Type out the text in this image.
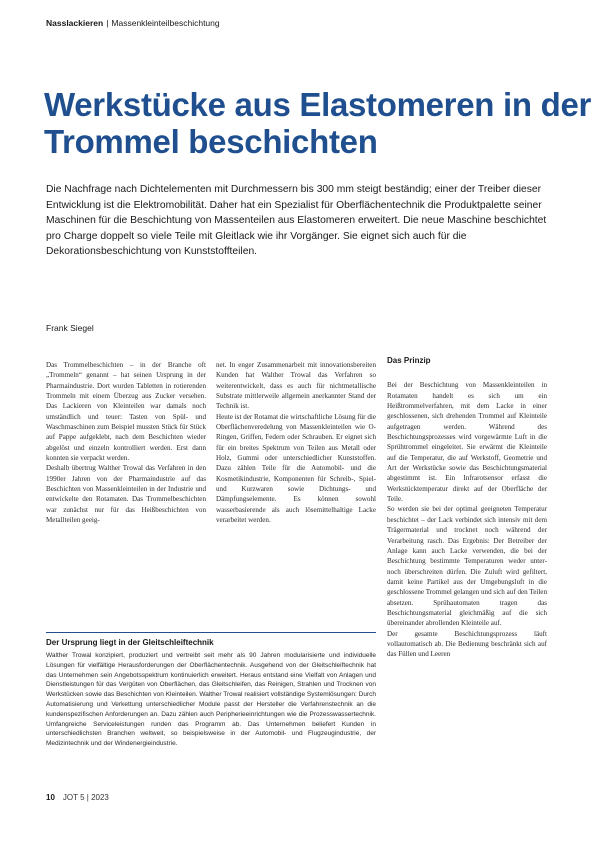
Nasslackieren | Massenkleinteilbeschichtung
Werkstücke aus Elastomeren in der Trommel beschichten

Die Nachfrage nach Dichtelementen mit Durchmessern bis 300 mm steigt beständig; einer der Treiber dieser Entwicklung ist die Elektromobilität. Daher hat ein Spezialist für Oberflächentechnik die Produktpalette seiner Maschinen für die Beschichtung von Massenteilen aus Elastomeren erweitert. Die neue Maschine beschichtet pro Charge doppelt so viele Teile mit Gleitlack wie ihr Vorgänger. Sie eignet sich auch für die Dekorationsbeschichtung von Kunststoffteilen.

Frank Siegel

Das Trommelbeschichten – in der Branche oft „Trommeln“ genannt – hat seinen Ursprung in der Pharmaindustrie. Dort wurden Tabletten in rotierenden Trommeln mit einem Überzug aus Zucker versehen. Das Lackieren von Kleinteilen war damals noch umständlich und teuer: Tasten von Spül- und Waschmaschinen zum Beispiel mussten Stück für Stück auf Pappe aufgeklebt, nach dem Beschichten wieder abgelöst und einzeln kontrolliert werden. Erst dann konnten sie verpackt werden.

Deshalb übertrug Walther Trowal das Verfahren in den 1990er Jahren von der Pharmaindustrie auf das Beschichten von Massenkleinteilen in der Industrie und entwickelte den Rotamaten. Das Trommelbeschichten war zunächst nur für das Heißbeschichten von Metallteilen geeig-

net. In enger Zusammenarbeit mit innovationsbereiten Kunden hat Walther Trowal das Verfahren so weiterentwickelt, dass es auch für nichtmetallische Substrate mittlerweile allgemein anerkannter Stand der Technik ist.

Heute ist der Rotamat die wirtschaftliche Lösung für die Oberflächenveredelung von Massenkleinteilen wie O-Ringen, Griffen, Federn oder Schrauben. Er eignet sich für ein breites Spektrum von Teilen aus Metall oder Holz, Gummi oder unterschiedlicher Kunststoffen. Dazu zählen Teile für die Automobil- und die Kosmetikindustrie, Komponenten für Schreib-, Spiel- und Kurzwaren sowie Dichtungs- und Dämpfungselemente. Es können sowohl wasserbasierende als auch lösemittelhaltige Lacke verarbeitet werden.

Das Prinzip

Bei der Beschichtung von Massenkleinteilen in Rotamaten handelt es sich um ein Heißtrommelverfahren, mit dem Lacke in einer geschlossenen, sich drehenden Trommel auf Kleinteile aufgetragen werden. Während des Beschichtungsprozesses wird vorgewärmte Luft in die Sprühtrommel eingeleitet. Sie erwärmt die Kleinteile auf die Temperatur, die auf Werkstoff, Geometrie und Art der Werkstücke sowie das Beschichtungsmaterial abgestimmt ist. Ein Infrarotsensor erfasst die Werkstücktemperatur direkt auf der Oberfläche der Teile.

So werden sie bei der optimal geeigneten Temperatur beschichtet – der Lack verbindet sich intensiv mit dem Trägermaterial und trocknet noch während der Verarbeitung rasch. Das Ergebnis: Der Betreiber der Anlage kann auch Lacke verwenden, die bei der Beschichtung bestimmte Temperaturen weder unter- noch überschreiten dürfen. Die Zuluft wird gefiltert, damit keine Partikel aus der Umgebungsluft in die geschlossene Trommel gelangen und sich auf den Teilen absetzen. Sprühautomaten tragen das Beschichtungsmaterial gleichmäßig auf die sich übereinander abrollenden Kleinteile auf.

Der gesamte Beschichtungsprozess läuft vollautomatisch ab. Die Bedienung beschränkt sich auf das Füllen und Leeren

Der Ursprung liegt in der Gleitschleiftechnik

Walther Trowal konzipiert, produziert und vertreibt seit mehr als 90 Jahren modularisierte und individuelle Lösungen für vielfältige Herausforderungen der Oberflächentechnik. Ausgehend von der Gleitschleiftechnik hat das Unternehmen sein Angebotsspektrum kontinuierlich erweitert. Heraus entstand eine Vielfalt von Anlagen und Dienstleistungen für das Vergüten von Oberflächen, das Gleitschleifen, das Reinigen, Strahlen und Trocknen von Werkstücken sowie das Beschichten von Kleinteilen. Walther Trowal realisiert vollständige Systemlösungen: Durch Automatisierung und Verkettung unterschiedlicher Module passt der Hersteller die Verfahrenstechnik an die kundenspezifischen Anforderungen an. Dazu zählen auch Peripherieeinrichtungen wie die Prozesswassertechnik. Umfangreiche Serviceleistungen runden das Programm ab. Das Unternehmen beliefert Kunden in unterschiedlichsten Branchen weltweit, so beispielsweise in der Automobil- und Flugzeugindustrie, der Medizintechnik und der Windenergieindustrie.

10 JOT 5 | 2023
